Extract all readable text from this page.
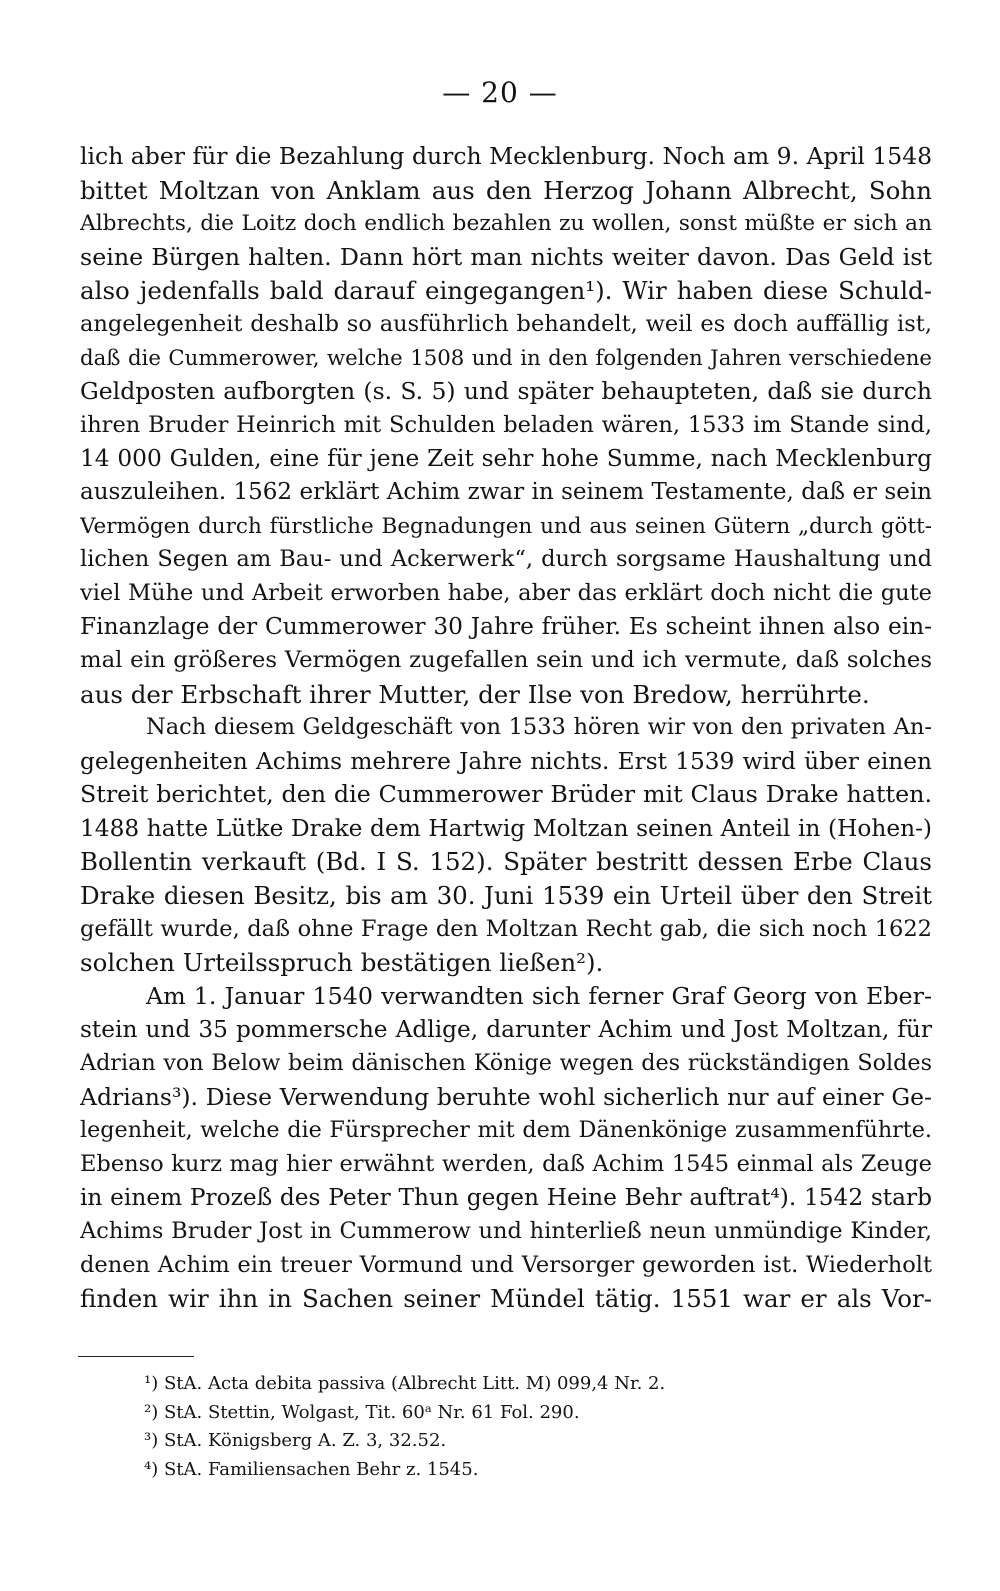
— 20 —
lich aber für die Bezahlung durch Mecklenburg. Noch am 9. April 1548
bittet Moltzan von Anklam aus den Herzog Johann Albrecht, Sohn
Albrechts, die Loitz doch endlich bezahlen zu wollen, sonst müßte er sich an
seine Bürgen halten. Dann hört man nichts weiter davon. Das Geld ist
also jedenfalls bald darauf eingegangen¹). Wir haben diese Schuld-
angelegenheit deshalb so ausführlich behandelt, weil es doch auffällig ist,
daß die Cummerower, welche 1508 und in den folgenden Jahren verschiedene
Geldposten aufborgten (s. S. 5) und später behaupteten, daß sie durch
ihren Bruder Heinrich mit Schulden beladen wären, 1533 im Stande sind,
14 000 Gulden, eine für jene Zeit sehr hohe Summe, nach Mecklenburg
auszuleihen. 1562 erklärt Achim zwar in seinem Testamente, daß er sein
Vermögen durch fürstliche Begnadungen und aus seinen Gütern „durch gött-
lichen Segen am Bau- und Ackerwerk“, durch sorgsame Haushaltung und
viel Mühe und Arbeit erworben habe, aber das erklärt doch nicht die gute
Finanzlage der Cummerower 30 Jahre früher. Es scheint ihnen also ein-
mal ein größeres Vermögen zugefallen sein und ich vermute, daß solches
aus der Erbschaft ihrer Mutter, der Ilse von Bredow, herrührte.
Nach diesem Geldgeschäft von 1533 hören wir von den privaten An-
gelegenheiten Achims mehrere Jahre nichts. Erst 1539 wird über einen
Streit berichtet, den die Cummerower Brüder mit Claus Drake hatten.
1488 hatte Lütke Drake dem Hartwig Moltzan seinen Anteil in (Hohen-)
Bollentin verkauft (Bd. I S. 152). Später bestritt dessen Erbe Claus
Drake diesen Besitz, bis am 30. Juni 1539 ein Urteil über den Streit
gefällt wurde, daß ohne Frage den Moltzan Recht gab, die sich noch 1622
solchen Urteilsspruch bestätigen ließen²).
Am 1. Januar 1540 verwandten sich ferner Graf Georg von Eber-
stein und 35 pommersche Adlige, darunter Achim und Jost Moltzan, für
Adrian von Below beim dänischen Könige wegen des rückständigen Soldes
Adrians³). Diese Verwendung beruhte wohl sicherlich nur auf einer Ge-
legenheit, welche die Fürsprecher mit dem Dänenkönige zusammenführte.
Ebenso kurz mag hier erwähnt werden, daß Achim 1545 einmal als Zeuge
in einem Prozeß des Peter Thun gegen Heine Behr auftrat⁴). 1542 starb
Achims Bruder Jost in Cummerow und hinterließ neun unmündige Kinder,
denen Achim ein treuer Vormund und Versorger geworden ist. Wiederholt
finden wir ihn in Sachen seiner Mündel tätig. 1551 war er als Vor-
¹) StA. Acta debita passiva (Albrecht Litt. M) 099,4 Nr. 2.
²) StA. Stettin, Wolgast, Tit. 60ᵃ Nr. 61 Fol. 290.
³) StA. Königsberg A. Z. 3, 32.52.
⁴) StA. Familiensachen Behr z. 1545.
